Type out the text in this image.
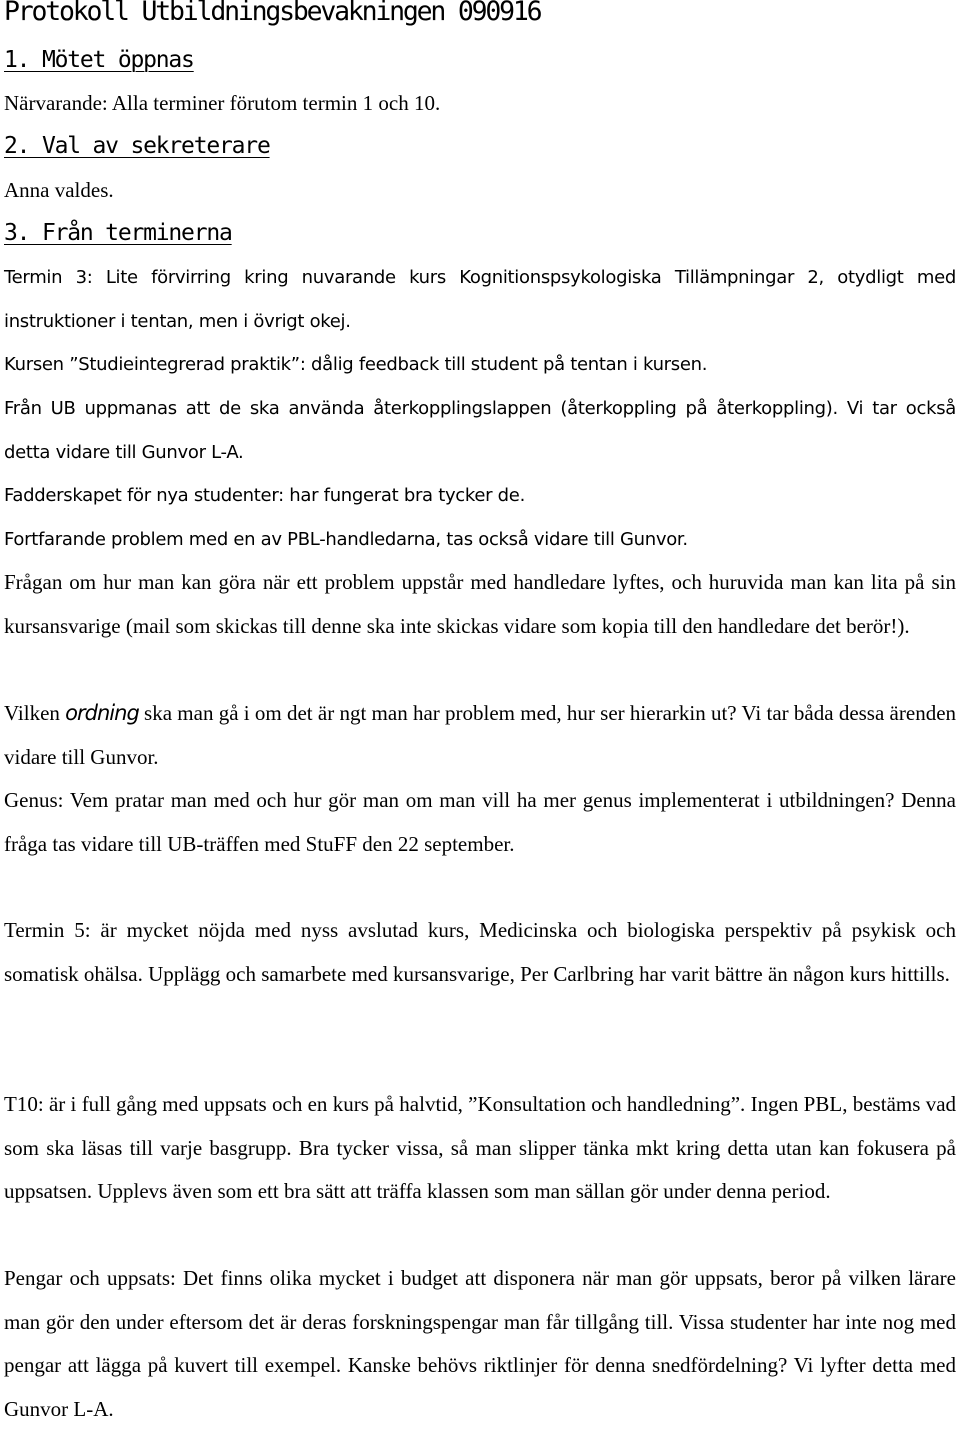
Protokoll Utbildningsbevakningen 090916
1. Mötet öppnas

Närvarande: Alla terminer förutom termin 1 och 10.

2. Val av sekreterare

Anna valdes.

3. Från terminerna

Termin 3: Lite förvirring kring nuvarande kurs Kognitionspsykologiska Tillämpningar 2, otydligt med instruktioner i tentan, men i övrigt okej.

Kursen ”Studieintegrerad praktik”: dålig feedback till student på tentan i kursen.

Från UB uppmanas att de ska använda återkopplingslappen (återkoppling på återkoppling). Vi tar också detta vidare till Gunvor L-A.

Fadderskapet för nya studenter: har fungerat bra tycker de.

Fortfarande problem med en av PBL-handledarna, tas också vidare till Gunvor.

Frågan om hur man kan göra när ett problem uppstår med handledare lyftes, och huruvida man kan lita på sin kursansvarige (mail som skickas till denne ska inte skickas vidare som kopia till den handledare det berör!).

Vilken ordning ska man gå i om det är ngt man har problem med, hur ser hierarkin ut? Vi tar båda dessa ärenden vidare till Gunvor.

Genus: Vem pratar man med och hur gör man om man vill ha mer genus implementerat i utbildningen? Denna fråga tas vidare till UB-träffen med StuFF den 22 september.

Termin 5: är mycket nöjda med nyss avslutad kurs, Medicinska och biologiska perspektiv på psykisk och somatisk ohälsa. Upplägg och samarbete med kursansvarige, Per Carlbring har varit bättre än någon kurs hittills.

T10: är i full gång med uppsats och en kurs på halvtid, ”Konsultation och handledning”. Ingen PBL, bestäms vad som ska läsas till varje basgrupp. Bra tycker vissa, så man slipper tänka mkt kring detta utan kan fokusera på uppsatsen. Upplevs även som ett bra sätt att träffa klassen som man sällan gör under denna period.

Pengar och uppsats: Det finns olika mycket i budget att disponera när man gör uppsats, beror på vilken lärare man gör den under eftersom det är deras forskningspengar man får tillgång till. Vissa studenter har inte nog med pengar att lägga på kuvert till exempel. Kanske behövs riktlinjer för denna snedfördelning? Vi lyfter detta med Gunvor L-A.
